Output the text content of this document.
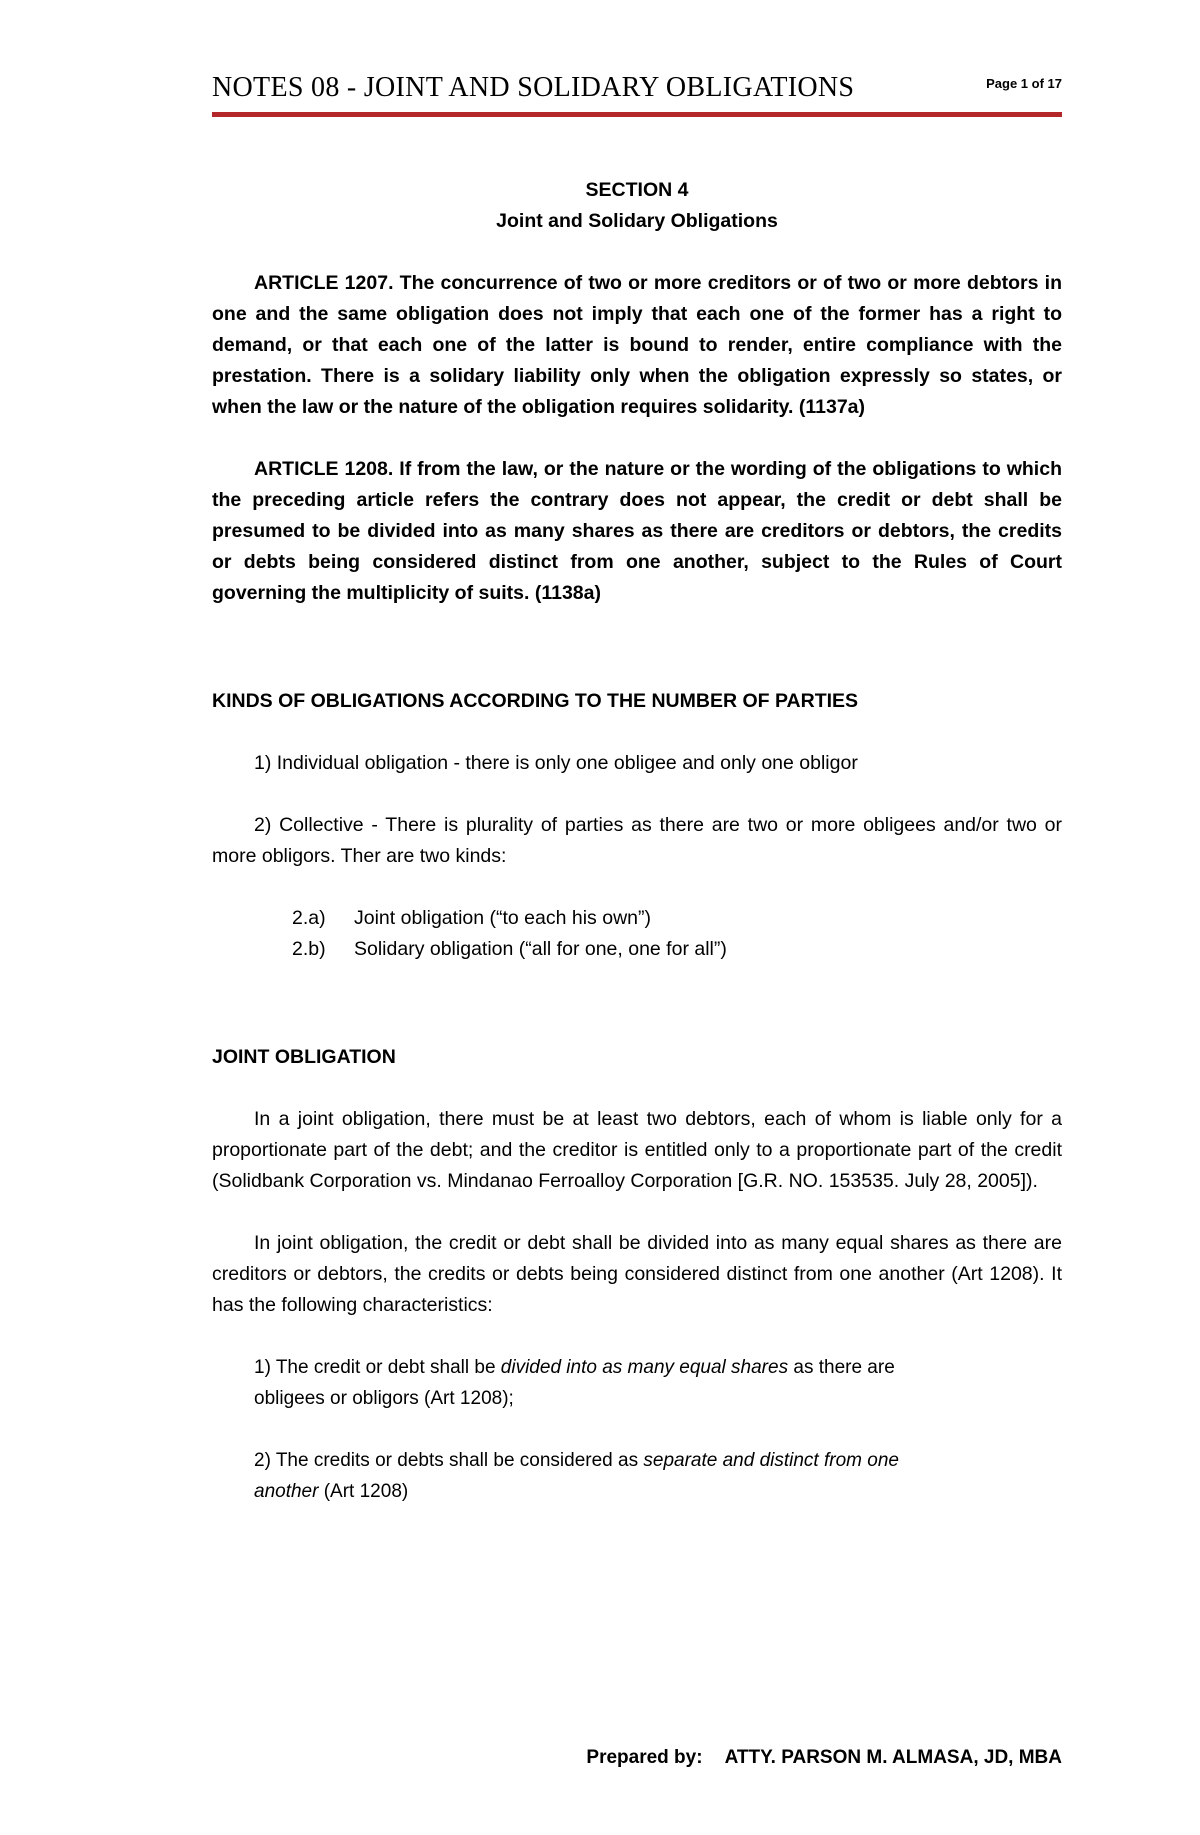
NOTES 08 - JOINT AND SOLIDARY OBLIGATIONS	Page 1 of 17

SECTION 4

Joint and Solidary Obligations

ARTICLE 1207. The concurrence of two or more creditors or of two or more debtors in one and the same obligation does not imply that each one of the former has a right to demand, or that each one of the latter is bound to render, entire compliance with the prestation. There is a solidary liability only when the obligation expressly so states, or when the law or the nature of the obligation requires solidarity. (1137a)

ARTICLE 1208. If from the law, or the nature or the wording of the obligations to which the preceding article refers the contrary does not appear, the credit or debt shall be presumed to be divided into as many shares as there are creditors or debtors, the credits or debts being considered distinct from one another, subject to the Rules of Court governing the multiplicity of suits. (1138a)

KINDS OF OBLIGATIONS ACCORDING TO THE NUMBER OF PARTIES

1) Individual obligation - there is only one obligee and only one obligor

2) Collective - There is plurality of parties as there are two or more obligees and/or two or more obligors. Ther are two kinds:

2.a)	Joint obligation (“to each his own”)
2.b)	Solidary obligation (“all for one, one for all”)

JOINT OBLIGATION

In a joint obligation, there must be at least two debtors, each of whom is liable only for a proportionate part of the debt; and the creditor is entitled only to a proportionate part of the credit (Solidbank Corporation vs. Mindanao Ferroalloy Corporation [G.R. NO. 153535. July 28, 2005]).

In joint obligation, the credit or debt shall be divided into as many equal shares as there are creditors or debtors, the credits or debts being considered distinct from one another (Art 1208). It has the following characteristics:

1) The credit or debt shall be divided into as many equal shares as there are

obligees or obligors (Art 1208);

2) The credits or debts shall be considered as separate and distinct from one

another (Art 1208)

Prepared by: ATTY. PARSON M. ALMASA, JD, MBA
